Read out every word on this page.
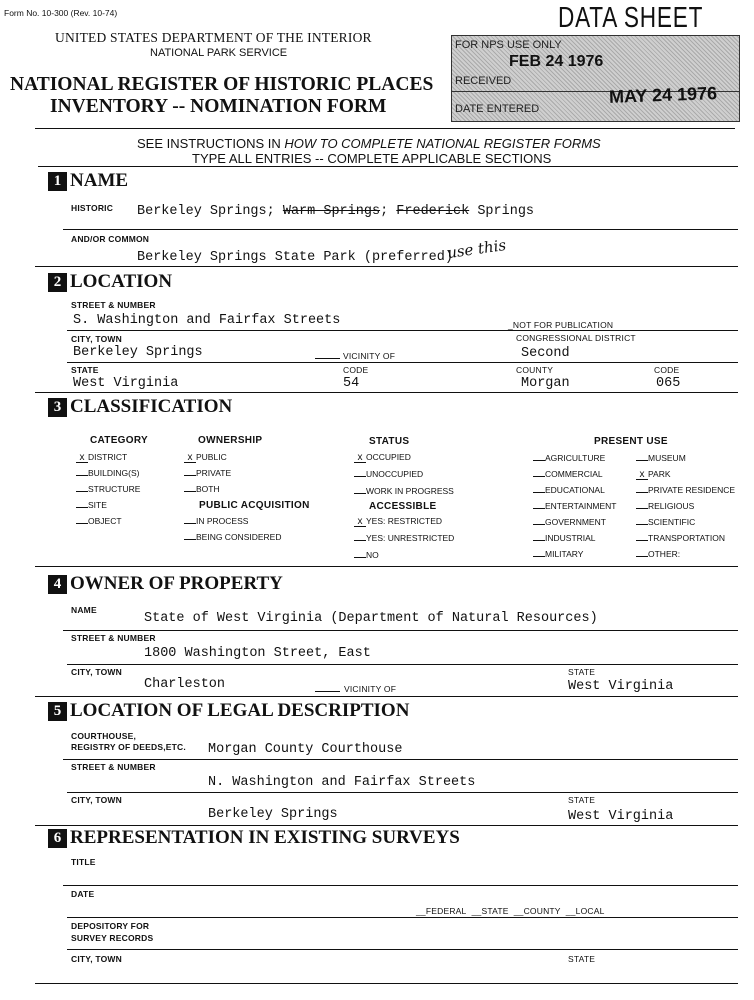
Form No. 10-300 (Rev. 10-74)
UNITED STATES DEPARTMENT OF THE INTERIOR
NATIONAL PARK SERVICE
NATIONAL REGISTER OF HISTORIC PLACES
INVENTORY -- NOMINATION FORM
DATA SHEET
FOR NPS USE ONLY
RECEIVED
FEB 24 1976
DATE ENTERED
MAY 24 1976
SEE INSTRUCTIONS IN HOW TO COMPLETE NATIONAL REGISTER FORMS
TYPE ALL ENTRIES -- COMPLETE APPLICABLE SECTIONS
1 NAME
HISTORIC Berkeley Springs; Warm Springs; Frederick Springs
AND/OR COMMON
Berkeley Springs State Park (preferred)
use this
2 LOCATION
STREET & NUMBER
S. Washington and Fairfax Streets	_NOT FOR PUBLICATION
CITY, TOWN
Berkeley Springs	VICINITY OF
CONGRESSIONAL DISTRICT
Second
STATE
West Virginia
CODE
54
COUNTY
Morgan
CODE
065
3 CLASSIFICATION
CATEGORY	OWNERSHIP	STATUS	PRESENT USE
PUBLIC ACQUISITION	ACCESSIBLE
x DISTRICT
BUILDING(S)
STRUCTURE
SITE
OBJECT
x PUBLIC
PRIVATE
BOTH
IN PROCESS
BEING CONSIDERED
x OCCUPIED
UNOCCUPIED
WORK IN PROGRESS
x YES: RESTRICTED
YES: UNRESTRICTED
NO
AGRICULTURE
COMMERCIAL
EDUCATIONAL
ENTERTAINMENT
GOVERNMENT
INDUSTRIAL
MILITARY
MUSEUM
x PARK
PRIVATE RESIDENCE
RELIGIOUS
SCIENTIFIC
TRANSPORTATION
OTHER:
4 OWNER OF PROPERTY
NAME
State of West Virginia (Department of Natural Resources)
STREET & NUMBER
1800 Washington Street, East
CITY, TOWN
Charleston	VICINITY OF
STATE
West Virginia
5 LOCATION OF LEGAL DESCRIPTION
COURTHOUSE,
REGISTRY OF DEEDS,ETC. Morgan County Courthouse
STREET & NUMBER
N. Washington and Fairfax Streets
CITY, TOWN
Berkeley Springs
STATE
West Virginia
6 REPRESENTATION IN EXISTING SURVEYS
TITLE
DATE
__FEDERAL __STATE __COUNTY __LOCAL
DEPOSITORY FOR
SURVEY RECORDS
CITY, TOWN	STATE
